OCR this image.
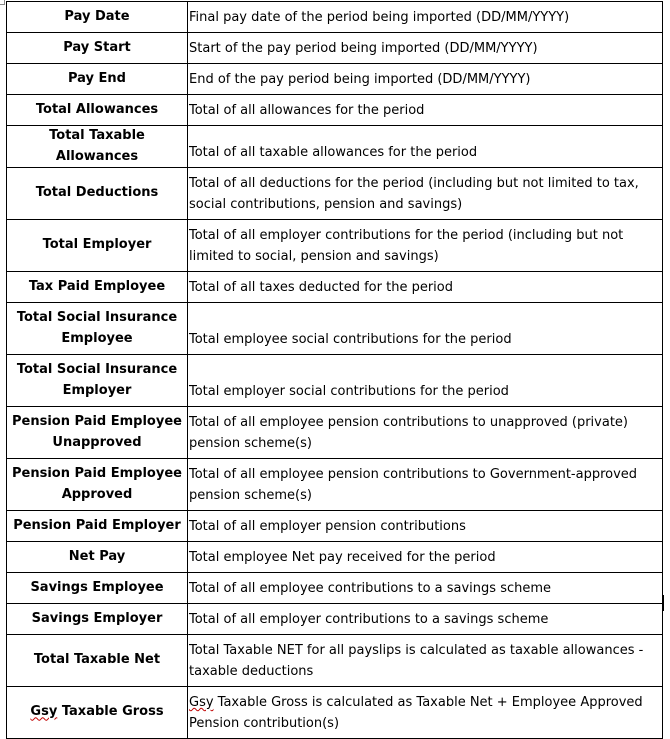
Pay Date	Final pay date of the period being imported (DD/MM/YYYY)
Pay Start	Start of the pay period being imported (DD/MM/YYYY)
Pay End	End of the pay period being imported (DD/MM/YYYY)
Total Allowances	Total of all allowances for the period
Total Taxable Allowances	Total of all taxable allowances for the period
Total Deductions	Total of all deductions for the period (including but not limited to tax, social contributions, pension and savings)
Total Employer	Total of all employer contributions for the period (including but not limited to social, pension and savings)
Tax Paid Employee	Total of all taxes deducted for the period
Total Social Insurance Employee	Total employee social contributions for the period
Total Social Insurance Employer	Total employer social contributions for the period
Pension Paid Employee Unapproved	Total of all employee pension contributions to unapproved (private) pension scheme(s)
Pension Paid Employee Approved	Total of all employee pension contributions to Government-approved pension scheme(s)
Pension Paid Employer	Total of all employer pension contributions
Net Pay	Total employee Net pay received for the period
Savings Employee	Total of all employee contributions to a savings scheme
Savings Employer	Total of all employer contributions to a savings scheme
Total Taxable Net	Total Taxable NET for all payslips is calculated as taxable allowances - taxable deductions
Gsy Taxable Gross	Gsy Taxable Gross is calculated as Taxable Net + Employee Approved Pension contribution(s)
